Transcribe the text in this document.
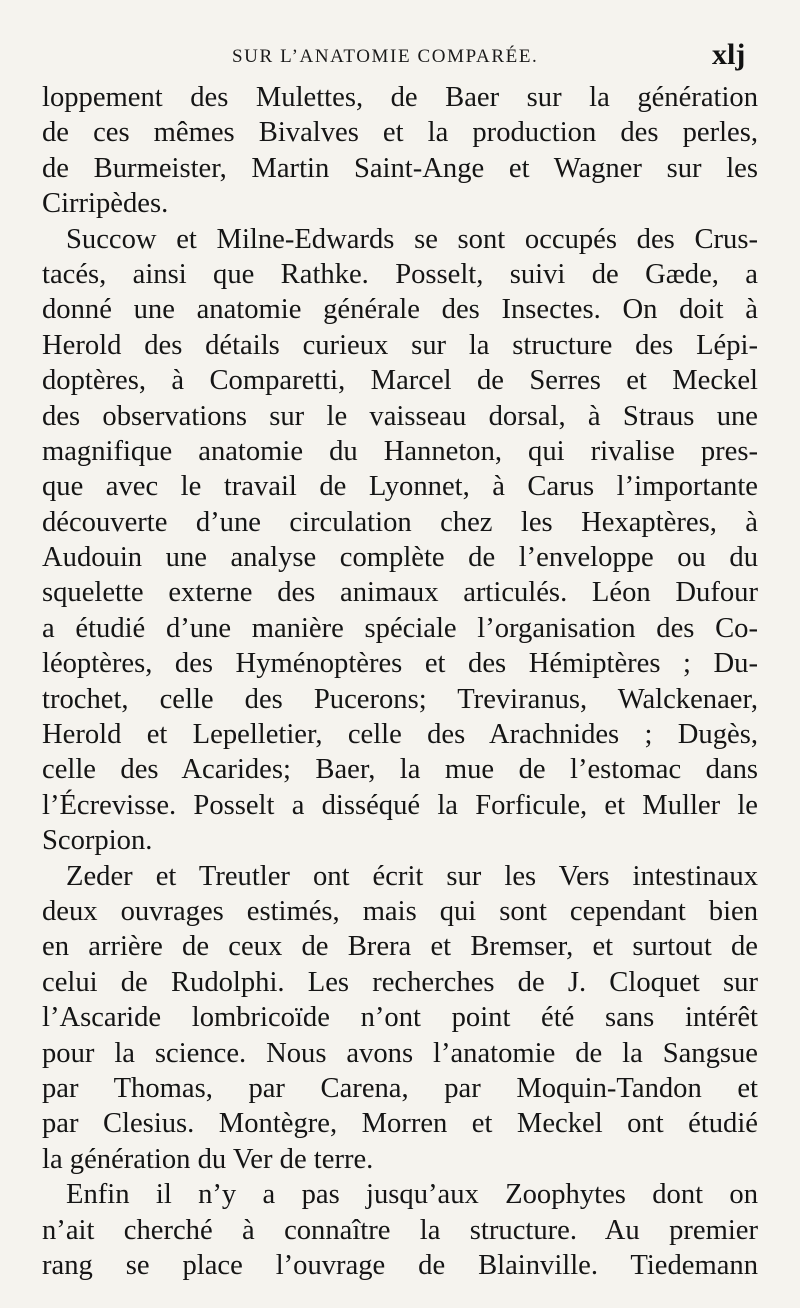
SUR L’ANATOMIE COMPARÉE.	xlj
loppement des Mulettes, de Baer sur la génération
de ces mêmes Bivalves et la production des perles,
de Burmeister, Martin Saint-Ange et Wagner sur les
Cirripèdes.
Succow et Milne-Edwards se sont occupés des Crus-
tacés, ainsi que Rathke. Posselt, suivi de Gæde, a
donné une anatomie générale des Insectes. On doit à
Herold des détails curieux sur la structure des Lépi-
doptères, à Comparetti, Marcel de Serres et Meckel
des observations sur le vaisseau dorsal, à Straus une
magnifique anatomie du Hanneton, qui rivalise pres-
que avec le travail de Lyonnet, à Carus l’importante
découverte d’une circulation chez les Hexaptères, à
Audouin une analyse complète de l’enveloppe ou du
squelette externe des animaux articulés. Léon Dufour
a étudié d’une manière spéciale l’organisation des Co-
léoptères, des Hyménoptères et des Hémiptères ; Du-
trochet, celle des Pucerons; Treviranus, Walckenaer,
Herold et Lepelletier, celle des Arachnides ; Dugès,
celle des Acarides; Baer, la mue de l’estomac dans
l’Écrevisse. Posselt a disséqué la Forficule, et Muller le
Scorpion.
Zeder et Treutler ont écrit sur les Vers intestinaux
deux ouvrages estimés, mais qui sont cependant bien
en arrière de ceux de Brera et Bremser, et surtout de
celui de Rudolphi. Les recherches de J. Cloquet sur
l’Ascaride lombricoïde n’ont point été sans intérêt
pour la science. Nous avons l’anatomie de la Sangsue
par Thomas, par Carena, par Moquin-Tandon et
par Clesius. Montègre, Morren et Meckel ont étudié
la génération du Ver de terre.
Enfin il n’y a pas jusqu’aux Zoophytes dont on
n’ait cherché à connaître la structure. Au premier
rang se place l’ouvrage de Blainville. Tiedemann
